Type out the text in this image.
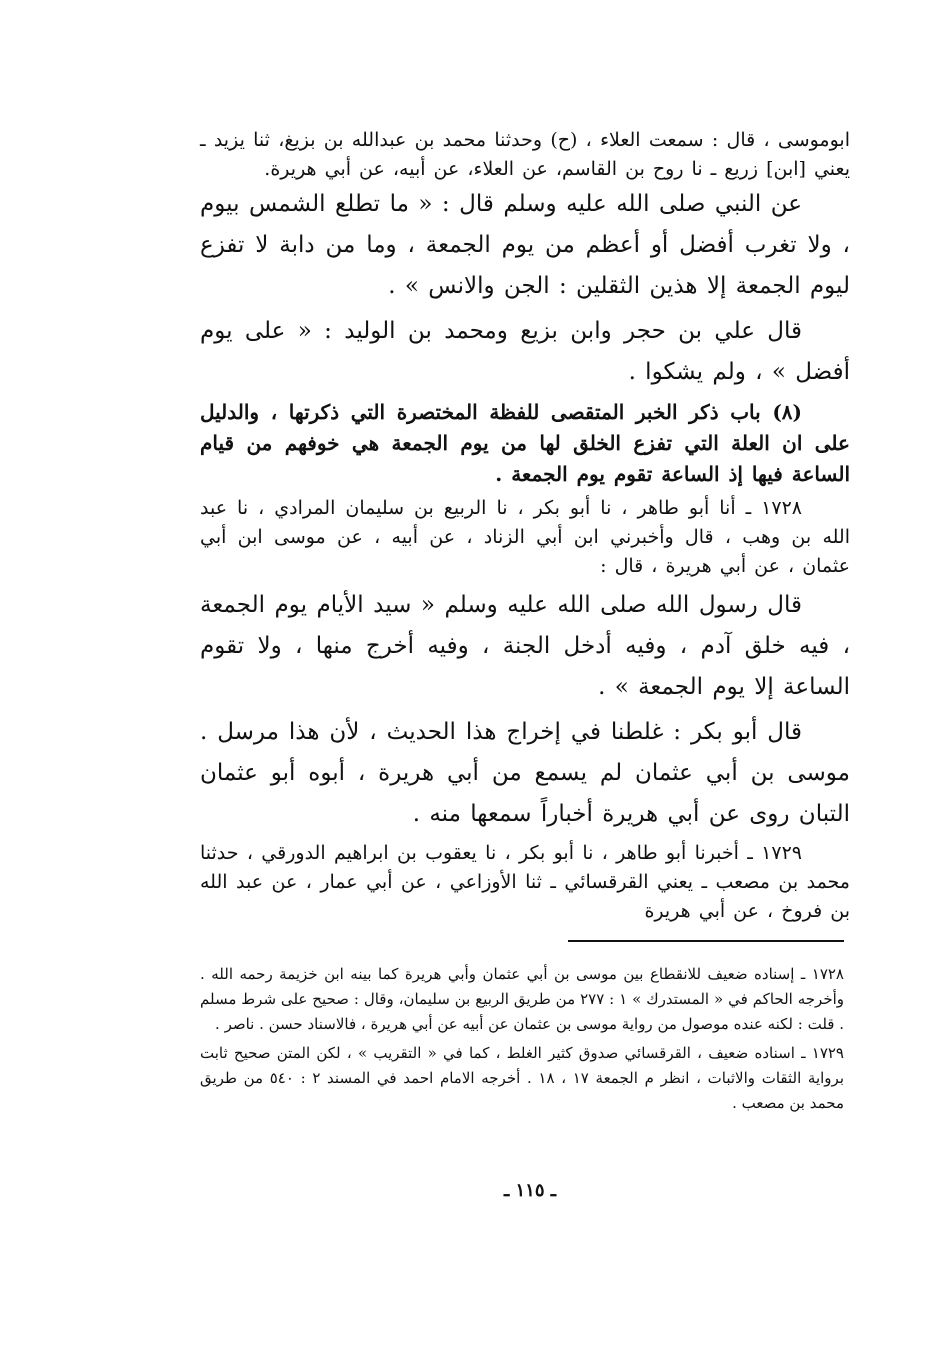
ابوموسى ، قال : سمعت العلاء ، (ح) وحدثنا محمد بن عبدالله بن بزيغ، ثنا يزيد ـ يعني [ابن] زريع ـ نا روح بن القاسم، عن العلاء، عن أبيه، عن أبي هريرة.

عن النبي صلى الله عليه وسلم قال : « ما تطلع الشمس بيوم ، ولا تغرب أفضل أو أعظم من يوم الجمعة ، وما من دابة لا تفزع ليوم الجمعة إلا هذين الثقلين : الجن والانس » .

قال علي بن حجر وابن بزيع ومحمد بن الوليد : « على يوم أفضل » ، ولم يشكوا .

(٨) باب ذكر الخبر المتقصى للفظة المختصرة التي ذكرتها ، والدليل على ان العلة التي تفزع الخلق لها من يوم الجمعة هي خوفهم من قيام الساعة فيها إذ الساعة تقوم يوم الجمعة .

١٧٢٨ ـ أنا أبو طاهر ، نا أبو بكر ، نا الربيع بن سليمان المرادي ، نا عبد الله بن وهب ، قال وأخبرني ابن أبي الزناد ، عن أبيه ، عن موسى ابن أبي عثمان ، عن أبي هريرة ، قال :

قال رسول الله صلى الله عليه وسلم « سيد الأيام يوم الجمعة ، فيه خلق آدم ، وفيه أدخل الجنة ، وفيه أخرج منها ، ولا تقوم الساعة إلا يوم الجمعة » .

قال أبو بكر : غلطنا في إخراج هذا الحديث ، لأن هذا مرسل . موسى بن أبي عثمان لم يسمع من أبي هريرة ، أبوه أبو عثمان التبان روى عن أبي هريرة أخباراً سمعها منه .

١٧٢٩ ـ أخبرنا أبو طاهر ، نا أبو بكر ، نا يعقوب بن ابراهيم الدورقي ، حدثنا محمد بن مصعب ـ يعني القرقسائي ـ ثنا الأوزاعي ، عن أبي عمار ، عن عبد الله بن فروخ ، عن أبي هريرة

١٧٢٨ ـ إسناده ضعيف للانقطاع بين موسى بن أبي عثمان وأبي هريرة كما بينه ابن خزيمة رحمه الله . وأخرجه الحاكم في « المستدرك » ١ : ٢٧٧ من طريق الربيع بن سليمان، وقال : صحيح على شرط مسلم . قلت : لكنه عنده موصول من رواية موسى بن عثمان عن أبيه عن أبي هريرة ، فالاسناد حسن . ناصر .

١٧٢٩ ـ اسناده ضعيف ، القرقسائي صدوق كثير الغلط ، كما في « التقريب » ، لكن المتن صحيح ثابت برواية الثقات والاثبات ، انظر م الجمعة ١٧ ، ١٨ . أخرجه الامام احمد في المسند ٢ : ٥٤٠ من طريق محمد بن مصعب .

ـ ١١٥ ـ
